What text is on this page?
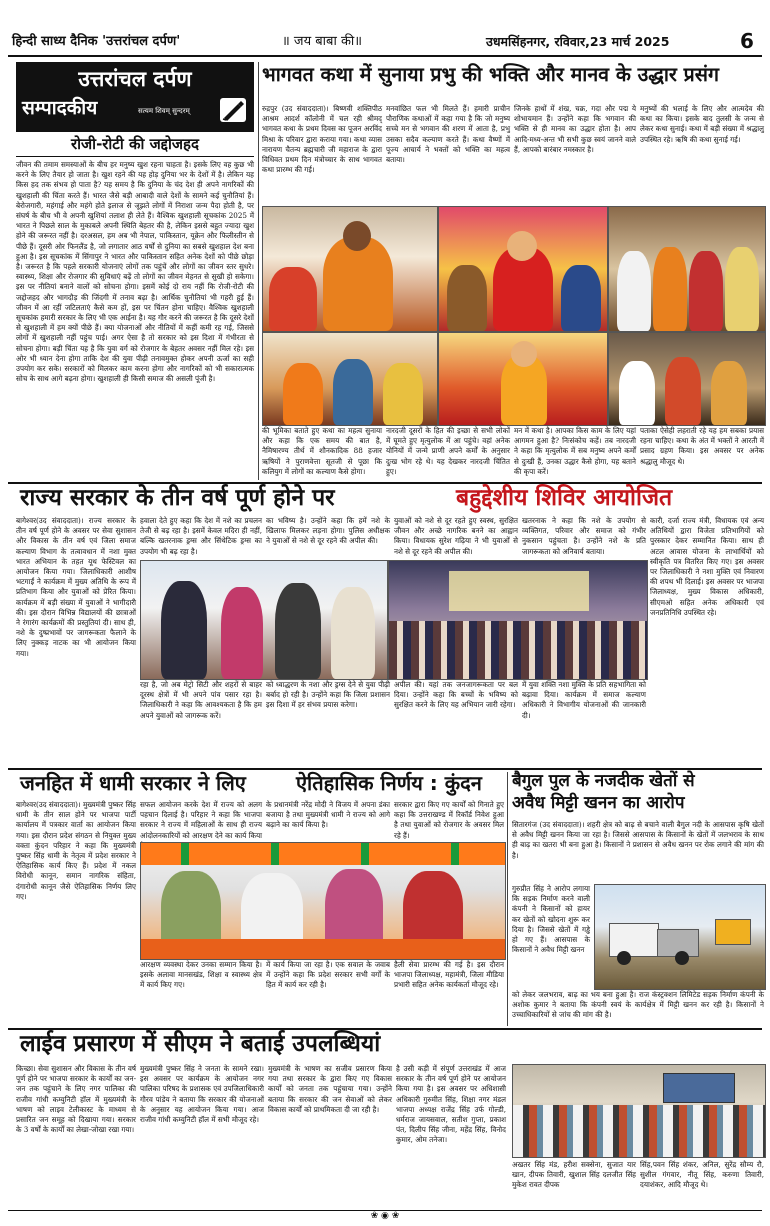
हिन्दी साध्य दैनिक 'उत्तरांचल दर्पण'	॥ जय बाबा की॥	उधमसिंहनगर, रविवार,23 मार्च 2025	6
उत्तरांचल दर्पण
सम्पादकीय	सत्यम शिवम् सुन्दरम्
रोजी-रोटी की जद्दोजहद
जीवन की तमाम समस्याओं के बीच हर मनुष्य खुश रहना चाहता है। इसके लिए वह कुछ भी करने के लिए तैयार हो जाता है। खुश रहने की यह होड़ दुनिया भर के देशों में है। लेकिन यह किस हद तक संभव हो पाता है? यह समय है कि दुनिया के चंद देश ही अपने नागरिकों की खुशहाली की चिंता करते हैं। भारत जैसे बड़ी आबादी वाले देशों के सामने कई चुनौतियां हैं। बेरोजगारी, महंगाई और महंगे होते इलाज से जूझते लोगों में निराशा जन्म पैदा होती है, पर संघर्ष के बीच भी वे अपनी खुशियां तलाश ही लेते हैं। वैश्विक खुशहाली सूचकांक 2025 में भारत ने पिछले साल के मुकाबले अपनी स्थिति बेहतर की है, लेकिन इससे बहुत ज्यादा खुश होने की जरूरत नहीं है। दरअसल, हम अब भी नेपाल, पाकिस्तान, यूक्रेन और फिलीस्तीन से पीछे हैं। दूसरी ओर फिनलैंड है, जो लगातार आठ वर्षों से दुनिया का सबसे खुशहाल देश बना हुआ है। इस सूचकांक में सिंगापुर ने भारत और पाकिस्तान सहित अनेक देशों को पीछे छोड़ा है। जरूरत है कि पहले सरकारी योजनाएं लोगों तक पहुंचें और लोगों का जीवन स्तर सुधरे। स्वास्थ्य, शिक्षा और रोजगार की सुविधाएं बढ़ें तो लोगों का जीवन मेहनत से सुखी हो सकेगा। इस पर नीतियां बनाने वालों को सोचना होगा। इसमें कोई दो राय नहीं कि रोजी-रोटी की जद्दोजहद और भागदौड़ की जिंदगी में तनाव बढ़ा है। आर्थिक चुनौतियां भी गहरी हुई हैं। जीवन में आ रहीं जटिलताएं कैसे कम हों, इस पर चिंतन होना चाहिए। वैश्विक खुशहाली सूचकांक हमारी सरकार के लिए भी एक आईना है। यह गौर करने की जरूरत है कि दूसरे देशों से खुशहाली में हम क्यों पीछे हैं। क्या योजनाओं और नीतियों में कहीं कमी रह गई, जिससे लोगों में खुशहाली नहीं पहुंच पाई। अगर ऐसा है तो सरकार को इस दिशा में गंभीरता से सोचना होगा। बड़ी चिंता यह है कि युवा वर्ग को रोजगार के बेहतर अवसर नहीं मिल रहे। इस ओर भी ध्यान देना होगा ताकि देश की युवा पीढ़ी तनावमुक्त होकर अपनी ऊर्जा का सही उपयोग कर सके। सरकारों को मिलकर काम करना होगा और नागरिकों को भी सकारात्मक सोच के साथ आगे बढ़ना होगा। खुशहाली ही किसी समाज की असली पूंजी है।
भागवत कथा में सुनाया प्रभु की भक्ति और मानव के उद्धार प्रसंग
रुद्रपुर (उद संवाददाता)। बिष्णवी शक्तिपीठ आश्रम आदर्श कॉलोनी में चल रही श्रीमद् भागवत कथा के प्रथम दिवस का पूजन अरविंद मिश्रा के परिवार द्वारा कराया गया। कथा व्यास नारायण चैतन्य ब्रह्मचारी जी महाराज के द्वारा विधिवत प्रथम दिन मंत्रोच्चार के साथ भागवत कथा प्रारम्भ की गई।
मनवांछित फल भी मिलते हैं। हमारी प्राचीन पौराणिक कथाओं में कहा गया है कि जो मनुष्य सच्चे मन से भगवान की शरण में आता है, प्रभु उसका सदैव कल्याण करते हैं। कथा वैष्णों में पूज्य आचार्य ने भक्तों को भक्ति का महत्व बताया।
जिनके हाथों में शंख, चक्र, गदा और पद्म ये शोभायमान हैं। उन्होंने कहा कि भगवान की भक्ति से ही मानव का उद्धार होता है। आप आदि-मध्य-अन्त भी सभी कुछ स्वयं जानने वाले हैं, आपको बारंबार नमस्कार है।
मनुष्यों की भलाई के लिए और आत्मदेव की कथा का किया। इसके बाद तुलसी के जन्म से लेकर कथा सुनाई। कथा में बड़ी संख्या में श्रद्धालु उपस्थित रहे। ऋषि की कथा सुनाई गई।
की भूमिका बताते हुए कथा का महत्व सुनाया और कहा कि एक समय की बात है, नैमिषारण्य तीर्थ में शौनकादिक 88 हजार ऋषियों ने पुराणवेत्ता सूतजी से पूछा कि कलियुग में लोगों का कल्याण कैसे होगा।
नारदजी दूसरों के हित की इच्छा से सभी लोकों में घूमते हुए मृत्युलोक में आ पहुंचे। वहां अनेक योनियों में जन्मे प्राणी अपने कर्मों के अनुसार दुःख भोग रहे थे। यह देखकर नारदजी चिंतित हुए।
मन में कथा है। आपका किस काम के लिए यहां आगमन हुआ है? निःसंकोच कहें। तब नारदजी ने कहा कि मृत्युलोक में सब मनुष्य अपने कर्मों से दुःखी हैं, उनका उद्धार कैसे होगा, यह बताने की कृपा करें।
पताका ऐसेही लहराती रहे यह हम सबका प्रयास रहना चाहिए। कथा के अंत में भक्तों ने आरती में प्रसाद ग्रहण किया। इस अवसर पर अनेक श्रद्धालु मौजूद थे।
राज्य सरकार के तीन वर्ष पूर्ण होने पर	बहुद्देशीय शिविर आयोजित
बागेश्वर(उद संवाददाता)। राज्य सरकार के तीन वर्ष पूर्ण होने के अवसर पर सेवा सुशासन और विकास के तीन वर्ष एवं जिला समाज कल्याण विभाग के तत्वावधान में नशा मुक्त भारत अभियान के तहत यूथ फेस्टिवल का आयोजन किया गया। जिलाधिकारी आशीष भटगाईं ने कार्यक्रम में मुख्य अतिथि के रूप में प्रतिभाग किया और युवाओं को प्रेरित किया। कार्यक्रम में बड़ी संख्या में युवाओं ने भागीदारी की। इस दौरान विभिन्न विद्यालयों की छात्राओं ने रंगारंग कार्यक्रमों की प्रस्तुतियां दी। साथ ही, नशे के दुष्प्रभावों पर जागरूकता फैलाने के लिए नुक्कड़ नाटक का भी आयोजन किया गया।
हवाला देते हुए कहा कि देश में नशे का प्रचलन तेजी से बढ़ रहा है। इसमें केवल मदिरा ही नहीं, बल्कि खतरनाक ड्रग्स और सिंथेटिक ड्रग्स का उपयोग भी बढ़ रहा है।
का भविष्य है। उन्होंने कहा कि हमें नशे के खिलाफ मिलकर लड़ना होगा। पुलिस अधीक्षक ने युवाओं से नशे से दूर रहने की अपील की।
युवाओं को नशे से दूर रहते हुए स्वस्थ, सुरक्षित जीवन और अच्छे नागरिक बनने का आह्वान किया। विधायक सुरेश गढ़िया ने भी युवाओं से नशे से दूर रहने की अपील की।
खतरनाक ने कहा कि नशे के उपयोग से व्यक्तिगत, परिवार और समाज को गंभीर नुकसान पहुंचता है। उन्होंने नशे के प्रति जागरूकता को अनिवार्य बताया।
कारी, दर्जा राज्य मंत्री, विधायक एवं अन्य अतिथियों द्वारा विजेता प्रतिभागियों को पुरस्कार देकर सम्मानित किया। साथ ही अटल आवास योजना के लाभार्थियों को स्वीकृति पत्र वितरित किए गए। इस अवसर पर जिलाधिकारी ने नशा मुक्ति एवं निवारण की शपथ भी दिलाई। इस अवसर पर भाजपा जिलाध्यक्ष, मुख्य विकास अधिकारी, सीएमओ सहित अनेक अधिकारी एवं जनप्रतिनिधि उपस्थित रहे।
रहा है, जो अब मेट्रो सिटी और शहरों से बाहर दूरस्थ क्षेत्रों में भी अपने पांव पसार रहा है। जिलाधिकारी ने कहा कि आवश्यकता है कि हम अपने युवाओं को जागरूक करें।
को ध्वाद्धरण के नशा और ड्रग्स देने से युवा पीढ़ी बर्बाद हो रही है। उन्होंने कहा कि जिला प्रशासन इस दिशा में हर संभव प्रयास करेगा।
अपील की। यहां तक जनजागरूकता पर बल दिया। उन्होंने कहा कि बच्चों के भविष्य को सुरक्षित करने के लिए यह अभियान जारी रहेगा।
में युवा शक्ति नशा मुक्ति के प्रति सहभागिता को बढ़ावा दिया। कार्यक्रम में समाज कल्याण अधिकारी ने विभागीय योजनाओं की जानकारी दी।
जनहित में धामी सरकार ने लिए	ऐतिहासिक निर्णय : कुंदन
बागेश्वर(उद संवाददाता)। मुख्यमंत्री पुष्कर सिंह धामी के तीन साल होने पर भाजपा पार्टी कार्यालय में पत्रकार वार्ता का आयोजन किया गया। इस दौरान प्रदेश संगठन से नियुक्त मुख्य वक्ता कुंदन परिहार ने कहा कि मुख्यमंत्री पुष्कर सिंह धामी के नेतृत्व में प्रदेश सरकार ने ऐतिहासिक कार्य किए हैं। प्रदेश में नकल विरोधी कानून, समान नागरिक संहिता, दंगारोधी कानून जैसे ऐतिहासिक निर्णय लिए गए।
सफल आयोजन करके देश में राज्य को अलग पहचान दिलाई है। परिहार ने कहा कि भाजपा सरकार ने राज्य में महिलाओं के साथ ही राज्य आंदोलनकारियों को आरक्षण देने का कार्य किया
के प्रधानमंत्री नरेंद्र मोदी ने विजय में अपना डंका बजाया है तथा मुख्यमंत्री धामी ने राज्य को आगे बढ़ाने का कार्य किया है।
सरकार द्वारा किए गए कार्यों को गिनाते हुए कहा कि उत्तराखण्ड में रिकॉर्ड निवेश हुआ है तथा युवाओं को रोजगार के अवसर मिल रहे हैं।
आरक्षण व्यवस्था देकर उनका सम्मान किया है। इसके अलावा मानसखंड, शिक्षा व स्वास्थ्य क्षेत्र में कार्य किए गए।
में कार्य किया जा रहा है। एक सवाल के जवाब में उन्होंने कहा कि प्रदेश सरकार सभी वर्गों के हित में कार्य कर रही है।
हैली सेवा प्रारम्भ की गई है। इस दौरान भाजपा जिलाध्यक्ष, महामंत्री, जिला मीडिया प्रभारी सहित अनेक कार्यकर्ता मौजूद रहे।
बैगुल पुल के नजदीक खेतों से
अवैध मिट्टी खनन का आरोप
सितारगंज (उद संवाददाता)। शहरी क्षेत्र को बाढ़ से बचाने वाली बैगुल नदी के आसपास कृषि खेतों से अवैध मिट्टी खनन किया जा रहा है। जिससे आसपास के किसानों के खेतों में जलभराव के साथ ही बाढ़ का खतरा भी बना हुआ है। किसानों ने प्रशासन से अवैध खनन पर रोक लगाने की मांग की है।
गुरुप्रीत सिंह ने आरोप लगाया कि सड़क निर्माण करने वाली कंपनी ने किसानों को हायर कर खेतों को खोदना शुरू कर दिया है। जिससे खेतों में गड्ढे हो गए हैं। आसपास के किसानों ने अवैध मिट्टी खनन
को लेकर जलभराव, बाढ़ का भय बना हुआ है। राज कंस्ट्रक्शन लिमिटेड सड़क निर्माण कंपनी के अशोक कुमार ने बताया कि कंपनी स्वयं के कार्यक्षेत्र में मिट्टी खनन कर रही है। किसानों ने उच्चाधिकारियों से जांच की मांग की है।
लाईव प्रसारण में सीएम ने बताई उपलब्धियां
किच्छा। सेवा सुशासन और विकास के तीन वर्ष पूर्ण होने पर भाजपा सरकार के कार्यों का जन-जन तक पहुंचाने के लिए नगर पालिका की राजीव गांधी कम्युनिटी हॉल में मुख्यमंत्री के भाषण को लाइव टेलीकास्ट के माध्यम से प्रसारित जन समूह को दिखाया गया। सरकार के 3 वर्षों के कार्यों का लेखा-जोखा रखा गया।
मुख्यमंत्री पुष्कर सिंह ने जनता के सामने रखा। इस अवसर पर कार्यक्रम के आयोजन नगर पालिका परिषद के प्रशासक एवं उपजिलाधिकारी गौरव पांडेय ने बताया कि सरकार की योजनाओं के अनुसार यह आयोजन किया गया। आज राजीव गांधी कम्युनिटी हॉल में सभी मौजूद रहे।
मुख्यमंत्री के भाषण का सजीव प्रसारण किया गया तथा सरकार के द्वारा किए गए विकास कार्यों को जनता तक पहुंचाया गया। उन्होंने बताया कि सरकार की जन सेवाओं को लेकर विकास कार्यों को प्राथमिकता दी जा रही है।
है उसी कड़ी में संपूर्ण उत्तराखंड में आज सरकार के तीन वर्ष पूर्ण होने पर आयोजन किया गया है। इस अवसर पर अधिशासी अधिकारी गुरुमीत सिंह, शिक्षा नगर मंडल भाजपा अध्यक्ष राजेंद्र सिंह उर्फ गोल्डी, धर्मराज जायसवाल, सतीश गुप्ता, प्रकाश पंत, दिलीप सिंह जीना, महेंद्र सिंह, विनोद कुमार, ओम तनेजा।
अखतर सिंह मंड, हरीश सक्सेना, सुजात यार खान, दीपक तिवारी, खुशाल सिंह दलजीत सिंह मुकेश रावत दीपक
सिंह,पवन सिंह शंकर, अनिल, सुरेंद्र सौम्य रौ, सुशील गंगवार, नीतू सिंह, करुणा तिवारी, दयाशंकर, आदि मौजूद थे।
❀ ◉ ❀
